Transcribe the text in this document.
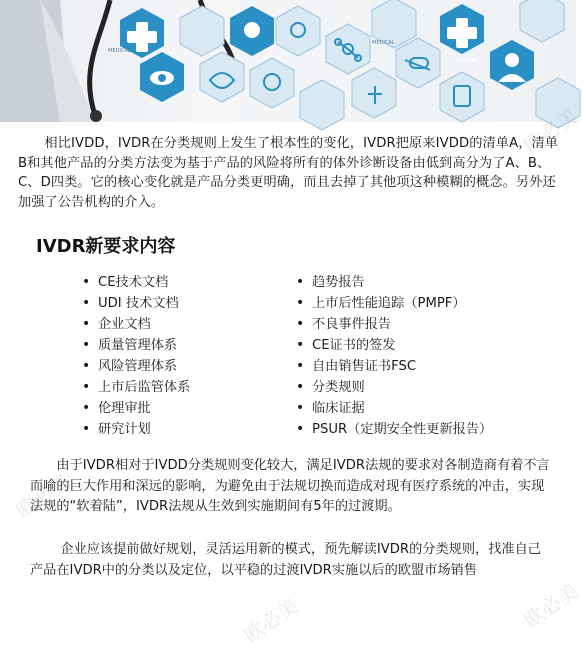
MEDICAL
MEDICAL
MEDICAL

相比IVDD，IVDR在分类规则上发生了根本性的变化，IVDR把原来IVDD的清单A，清单B和其他产品的分类方法变为基于产品的风险将所有的体外诊断设备由低到高分为了A、B、C、D四类。它的核心变化就是产品分类更明确，而且去掉了其他项这种模糊的概念。另外还加强了公告机构的介入。

IVDR新要求内容
• CE技术文档
• UDI 技术文档
• 企业文档
• 质量管理体系
• 风险管理体系
• 上市后监管体系
• 伦理审批
• 研究计划
• 趋势报告
• 上市后性能追踪（PMPF）
• 不良事件报告
• CE证书的签发
• 自由销售证书FSC
• 分类规则
• 临床证据
• PSUR（定期安全性更新报告）

由于IVDR相对于IVDD分类规则变化较大，满足IVDR法规的要求对各制造商有着不言而喻的巨大作用和深远的影响，为避免由于法规切换而造成对现有医疗系统的冲击，实现法规的“软着陆”，IVDR法规从生效到实施期间有5年的过渡期。

企业应该提前做好规划，灵活运用新的模式，预先解读IVDR的分类规则，找准自己产品在IVDR中的分类以及定位，以平稳的过渡IVDR实施以后的欧盟市场销售

欧必美
欧必美
欧必美
欧必美
